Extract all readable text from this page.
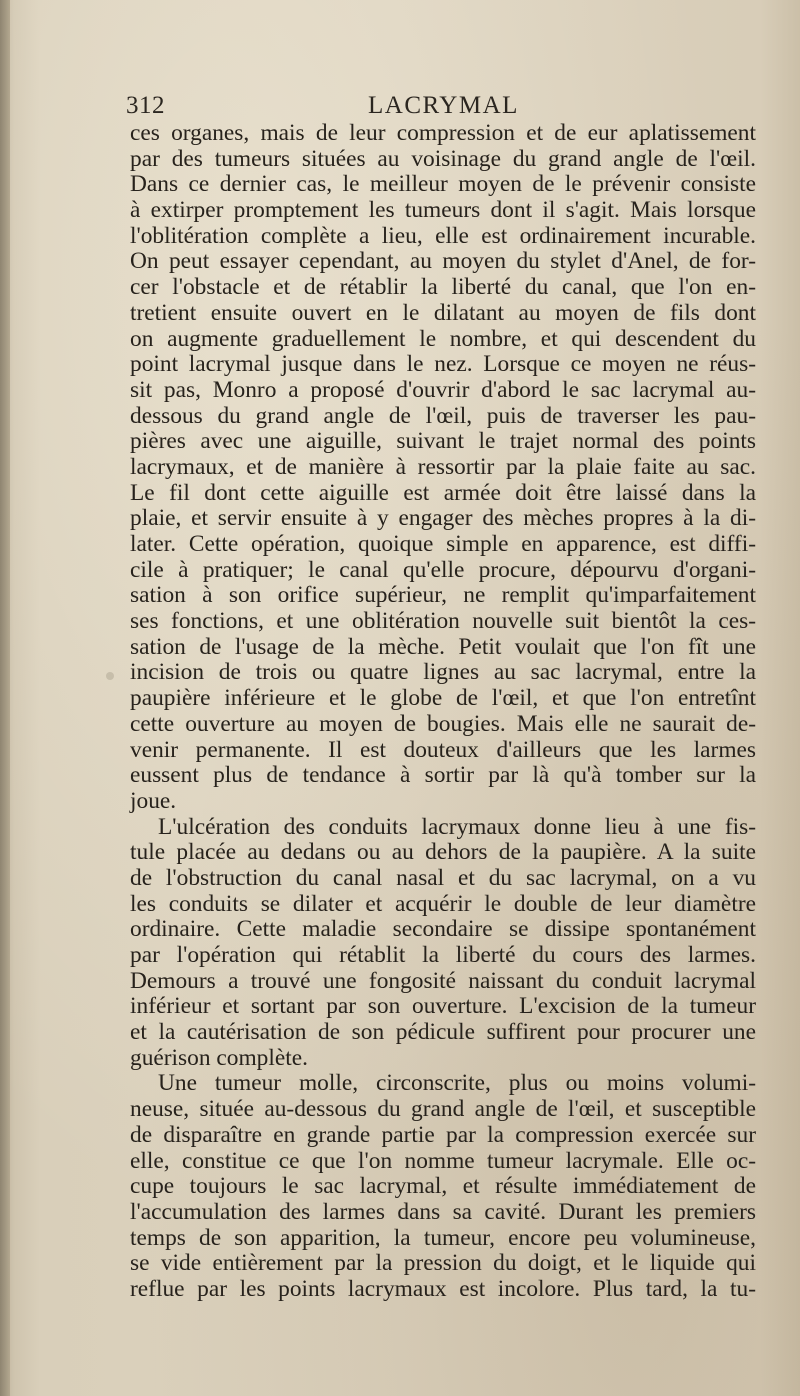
312	LACRYMAL
ces organes, mais de leur compression et de eur aplatissement
par des tumeurs situées au voisinage du grand angle de l'œil.
Dans ce dernier cas, le meilleur moyen de le prévenir consiste
à extirper promptement les tumeurs dont il s'agit. Mais lorsque
l'oblitération complète a lieu, elle est ordinairement incurable.
On peut essayer cependant, au moyen du stylet d'Anel, de for-
cer l'obstacle et de rétablir la liberté du canal, que l'on en-
tretient ensuite ouvert en le dilatant au moyen de fils dont
on augmente graduellement le nombre, et qui descendent du
point lacrymal jusque dans le nez. Lorsque ce moyen ne réus-
sit pas, Monro a proposé d'ouvrir d'abord le sac lacrymal au-
dessous du grand angle de l'œil, puis de traverser les pau-
pières avec une aiguille, suivant le trajet normal des points
lacrymaux, et de manière à ressortir par la plaie faite au sac.
Le fil dont cette aiguille est armée doit être laissé dans la
plaie, et servir ensuite à y engager des mèches propres à la di-
later. Cette opération, quoique simple en apparence, est diffi-
cile à pratiquer; le canal qu'elle procure, dépourvu d'organi-
sation à son orifice supérieur, ne remplit qu'imparfaitement
ses fonctions, et une oblitération nouvelle suit bientôt la ces-
sation de l'usage de la mèche. Petit voulait que l'on fît une
incision de trois ou quatre lignes au sac lacrymal, entre la
paupière inférieure et le globe de l'œil, et que l'on entretînt
cette ouverture au moyen de bougies. Mais elle ne saurait de-
venir permanente. Il est douteux d'ailleurs que les larmes
eussent plus de tendance à sortir par là qu'à tomber sur la
joue.
L'ulcération des conduits lacrymaux donne lieu à une fis-
tule placée au dedans ou au dehors de la paupière. A la suite
de l'obstruction du canal nasal et du sac lacrymal, on a vu
les conduits se dilater et acquérir le double de leur diamètre
ordinaire. Cette maladie secondaire se dissipe spontanément
par l'opération qui rétablit la liberté du cours des larmes.
Demours a trouvé une fongosité naissant du conduit lacrymal
inférieur et sortant par son ouverture. L'excision de la tumeur
et la cautérisation de son pédicule suffirent pour procurer une
guérison complète.
Une tumeur molle, circonscrite, plus ou moins volumi-
neuse, située au-dessous du grand angle de l'œil, et susceptible
de disparaître en grande partie par la compression exercée sur
elle, constitue ce que l'on nomme tumeur lacrymale. Elle oc-
cupe toujours le sac lacrymal, et résulte immédiatement de
l'accumulation des larmes dans sa cavité. Durant les premiers
temps de son apparition, la tumeur, encore peu volumineuse,
se vide entièrement par la pression du doigt, et le liquide qui
reflue par les points lacrymaux est incolore. Plus tard, la tu-
